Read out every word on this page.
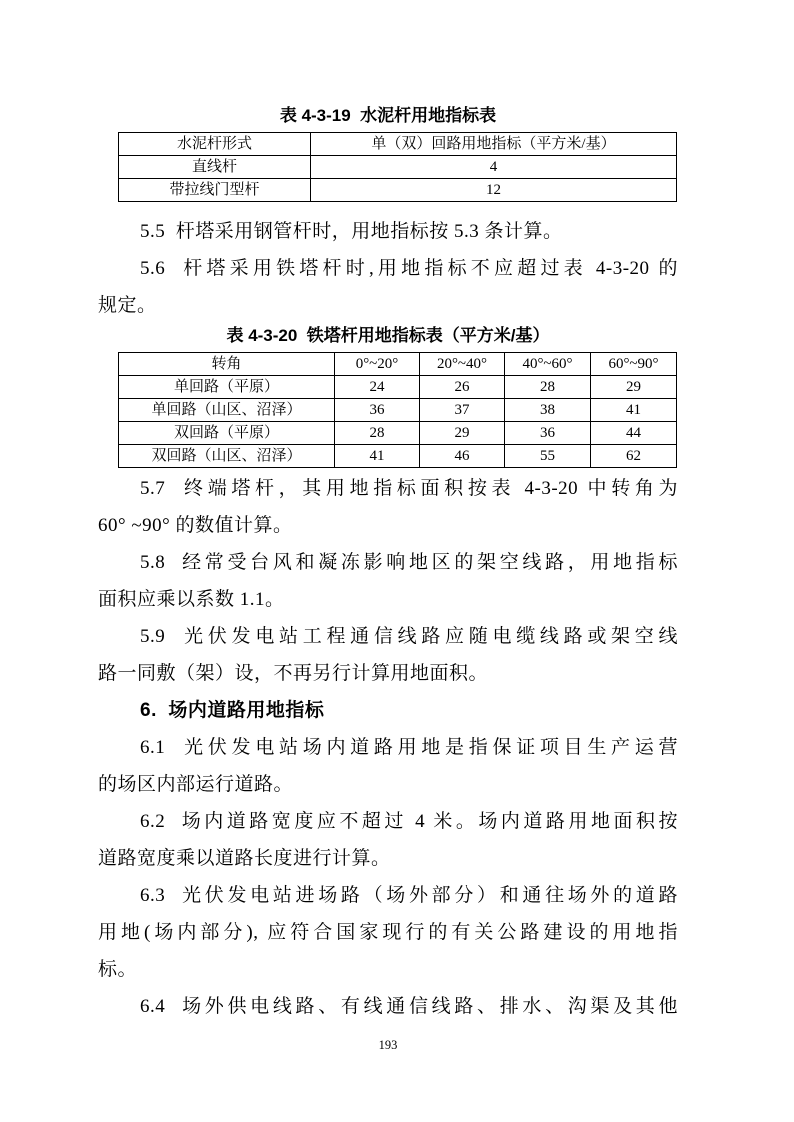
表 4-3-19  水泥杆用地指标表
水泥杆形式	单（双）回路用地指标（平方米/基）
直线杆	4
带拉线门型杆	12
5.5  杆塔采用钢管杆时，用地指标按 5.3 条计算。
5.6  杆塔采用铁塔杆时,用地指标不应超过表 4-3-20 的
规定。
表 4-3-20  铁塔杆用地指标表（平方米/基）
转角	0°~20°	20°~40°	40°~60°	60°~90°
单回路（平原）	24	26	28	29
单回路（山区、沼泽）	36	37	38	41
双回路（平原）	28	29	36	44
双回路（山区、沼泽）	41	46	55	62
5.7  终端塔杆，其用地指标面积按表 4-3-20 中转角为
60° ~90° 的数值计算。
5.8  经常受台风和凝冻影响地区的架空线路，用地指标
面积应乘以系数 1.1。
5.9  光伏发电站工程通信线路应随电缆线路或架空线
路一同敷（架）设，不再另行计算用地面积。
6.  场内道路用地指标
6.1  光伏发电站场内道路用地是指保证项目生产运营
的场区内部运行道路。
6.2  场内道路宽度应不超过 4 米。场内道路用地面积按
道路宽度乘以道路长度进行计算。
6.3  光伏发电站进场路（场外部分）和通往场外的道路
用地(场内部分), 应符合国家现行的有关公路建设的用地指
标。
6.4  场外供电线路、有线通信线路、排水、沟渠及其他
193
